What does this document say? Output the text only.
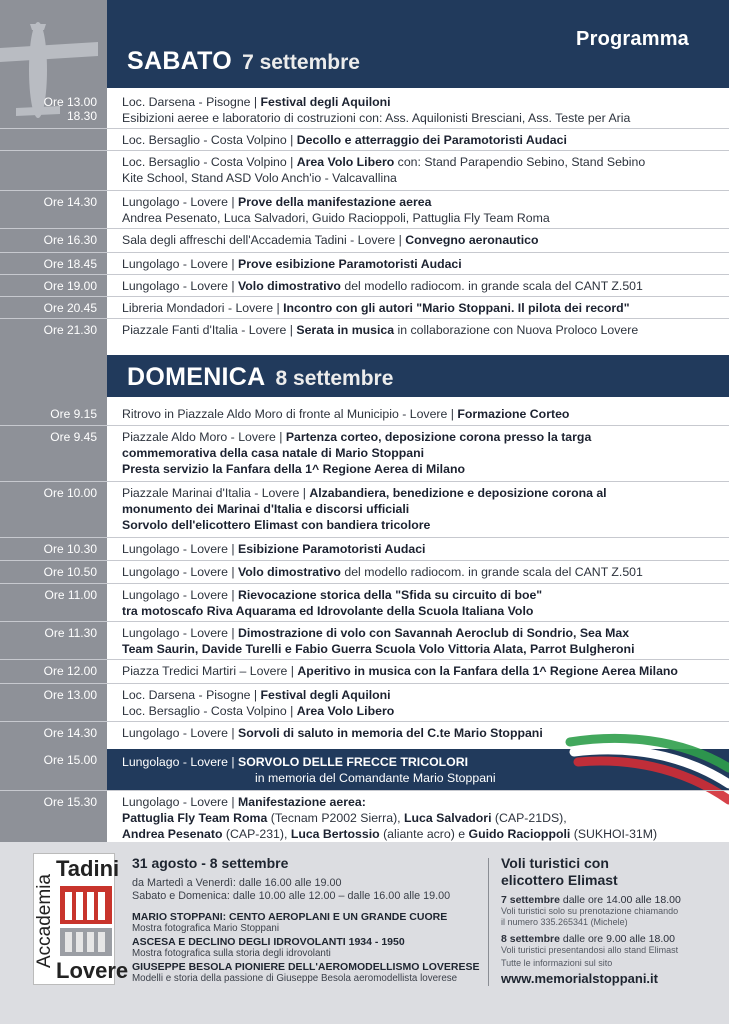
Programma
SABATO 7 settembre
Ore 13.00
18.30
Loc. Darsena - Pisogne | Festival degli Aquiloni
Esibizioni aeree e laboratorio di costruzioni con: Ass. Aquilonisti Bresciani, Ass. Teste per Aria
Loc. Bersaglio - Costa Volpino | Decollo e atterraggio dei Paramotoristi Audaci
Loc. Bersaglio - Costa Volpino | Area Volo Libero con: Stand Parapendio Sebino, Stand Sebino
Kite School, Stand ASD Volo Anch'io - Valcavallina
Ore 14.30 Lungolago - Lovere | Prove della manifestazione aerea
Andrea Pesenato, Luca Salvadori, Guido Racioppoli, Pattuglia Fly Team Roma
Ore 16.30 Sala degli affreschi dell'Accademia Tadini - Lovere | Convegno aeronautico
Ore 18.45 Lungolago - Lovere | Prove esibizione Paramotoristi Audaci
Ore 19.00 Lungolago - Lovere | Volo dimostrativo del modello radiocom. in grande scala del CANT Z.501
Ore 20.45 Libreria Mondadori - Lovere | Incontro con gli autori "Mario Stoppani. Il pilota dei record"
Ore 21.30 Piazzale Fanti d'Italia - Lovere | Serata in musica in collaborazione con Nuova Proloco Lovere
DOMENICA 8 settembre
Ore 9.15 Ritrovo in Piazzale Aldo Moro di fronte al Municipio - Lovere | Formazione Corteo
Ore 9.45 Piazzale Aldo Moro - Lovere | Partenza corteo, deposizione corona presso la targa
commemorativa della casa natale di Mario Stoppani
Presta servizio la Fanfara della 1^ Regione Aerea di Milano
Ore 10.00 Piazzale Marinai d'Italia - Lovere | Alzabandiera, benedizione e deposizione corona al
monumento dei Marinai d'Italia e discorsi ufficiali
Sorvolo dell'elicottero Elimast con bandiera tricolore
Ore 10.30 Lungolago - Lovere | Esibizione Paramotoristi Audaci
Ore 10.50 Lungolago - Lovere | Volo dimostrativo del modello radiocom. in grande scala del CANT Z.501
Ore 11.00 Lungolago - Lovere | Rievocazione storica della "Sfida su circuito di boe"
tra motoscafo Riva Aquarama ed Idrovolante della Scuola Italiana Volo
Ore 11.30 Lungolago - Lovere | Dimostrazione di volo con Savannah Aeroclub di Sondrio, Sea Max
Team Saurin, Davide Turelli e Fabio Guerra Scuola Volo Vittoria Alata, Parrot Bulgheroni
Ore 12.00 Piazza Tredici Martiri – Lovere | Aperitivo in musica con la Fanfara della 1^ Regione Aerea Milano
Ore 13.00 Loc. Darsena - Pisogne | Festival degli Aquiloni
Loc. Bersaglio - Costa Volpino | Area Volo Libero
Ore 14.30 Lungolago - Lovere | Sorvoli di saluto in memoria del C.te Mario Stoppani
Lungolago - Lovere | SORVOLO DELLE FRECCE TRICOLORI
in memoria del Comandante Mario Stoppani
Ore 15.00
Ore 15.30 Lungolago - Lovere | Manifestazione aerea:
Pattuglia Fly Team Roma (Tecnam P2002 Sierra), Luca Salvadori (CAP-21DS),
Andrea Pesenato (CAP-231), Luca Bertossio (aliante acro) e Guido Racioppoli (SUKHOI-31M)
Tadini
Accademia
Lovere
31 agosto - 8 settembre
da Martedì a Venerdì: dalle 16.00 alle 19.00
Sabato e Domenica: dalle 10.00 alle 12.00 – dalle 16.00 alle 19.00
MARIO STOPPANI: CENTO AEROPLANI E UN GRANDE CUORE
Mostra fotografica Mario Stoppani
ASCESA E DECLINO DEGLI IDROVOLANTI 1934 - 1950
Mostra fotografica sulla storia degli idrovolanti
GIUSEPPE BESOLA PIONIERE DELL'AEROMODELLISMO LOVERESE
Modelli e storia della passione di Giuseppe Besola aeromodellista loverese
Voli turistici con
elicottero Elimast
7 settembre dalle ore 14.00 alle 18.00
Voli turistici solo su prenotazione chiamando
il numero 335.265341 (Michele)
8 settembre dalle ore 9.00 alle 18.00
Voli turistici presentandosi allo stand Elimast
Tutte le informazioni sul sito
www.memorialstoppani.it
